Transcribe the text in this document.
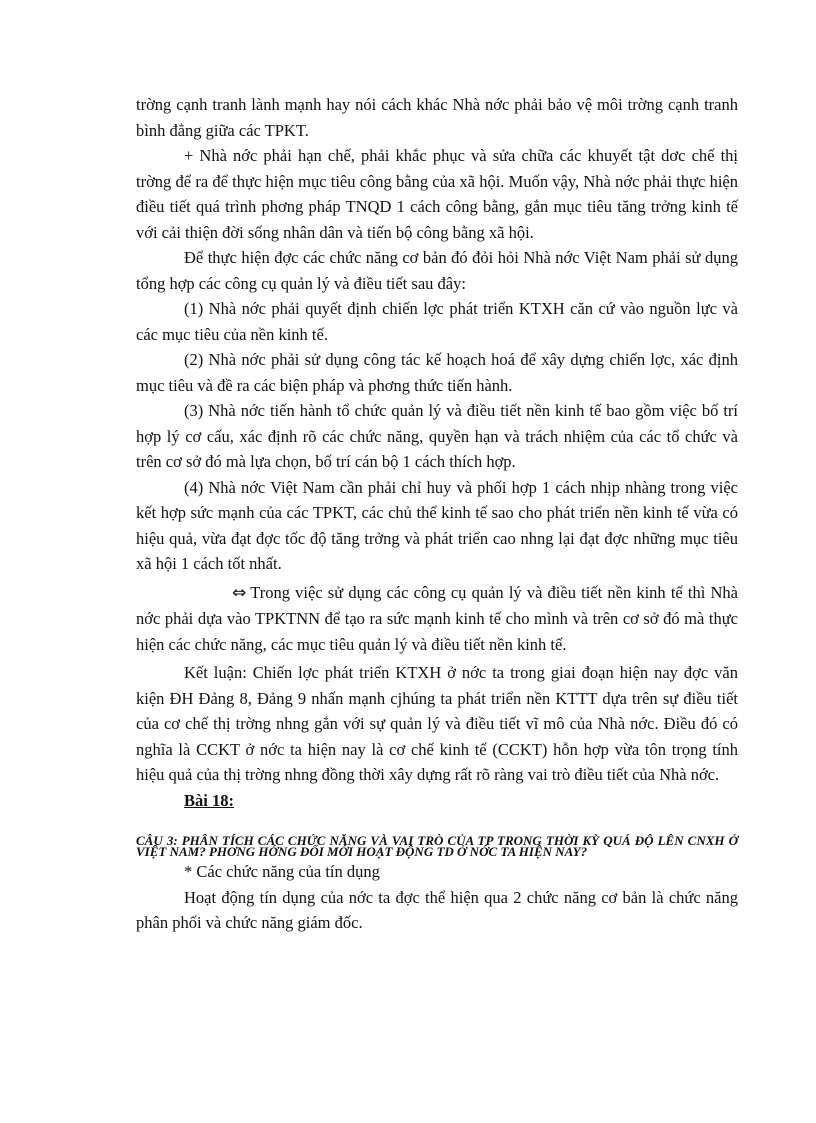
trờng cạnh tranh lành mạnh hay nói cách khác Nhà nớc phải bảo vệ môi trờng cạnh tranh bình đẳng giữa các TPKT.

+ Nhà nớc phải hạn chế, phải khắc phục và sửa chữa các khuyết tật dơc chế thị trờng để ra để thực hiện mục tiêu công bằng của xã hội. Muốn vậy, Nhà nớc phải thực hiện điều tiết quá trình phơng pháp TNQD 1 cách công bằng, gắn mục tiêu tăng trởng kinh tế với cải thiện đời sống nhân dân và tiến bộ công bằng xã hội.

Để thực hiện đợc các chức năng cơ bản đó đỏi hỏi Nhà nớc Việt Nam phải sử dụng tổng hợp các công cụ quản lý và điều tiết sau đây:

(1) Nhà nớc phải quyết định chiến lợc phát triển KTXH căn cứ vào nguồn lực và các mục tiêu của nền kinh tế.

(2) Nhà nớc phải sử dụng công tác kế hoạch hoá để xây dựng chiến lợc, xác định mục tiêu và đề ra các biện pháp và phơng thức tiến hành.

(3) Nhà nớc tiến hành tổ chức quản lý và điều tiết nền kinh tế bao gồm việc bố trí hợp lý cơ cấu, xác định rõ các chức năng, quyền hạn và trách nhiệm của các tổ chức và trên cơ sở đó mà lựa chọn, bố trí cán bộ 1 cách thích hợp.

(4) Nhà nớc Việt Nam cần phải chỉ huy và phối hợp 1 cách nhịp nhàng trong việc kết hợp sức mạnh của các TPKT, các chủ thể kinh tế sao cho phát triển nền kinh tế vừa có hiệu quả, vừa đạt đợc tốc độ tăng trởng và phát triển cao nhng lại đạt đợc những mục tiêu xã hội 1 cách tốt nhất.

⇔ Trong việc sử dụng các công cụ quản lý và điều tiết nền kinh tế thì Nhà nớc phải dựa vào TPKTNN để tạo ra sức mạnh kinh tế cho mình và trên cơ sở đó mà thực hiện các chức năng, các mục tiêu quản lý và điều tiết nền kinh tế.

Kết luận: Chiến lợc phát triển KTXH ở nớc ta trong giai đoạn hiện nay đợc văn kiện ĐH Đảng 8, Đảng 9 nhấn mạnh cjhúng ta phát triển nền KTTT dựa trên sự điều tiết của cơ chế thị trờng nhng gắn với sự quản lý và điều tiết vĩ mô của Nhà nớc. Điều đó có nghĩa là CCKT ở nớc ta hiện nay là cơ chế kinh tế (CCKT) hỗn hợp vừa tôn trọng tính hiệu quả của thị trờng nhng đồng thời xây dựng rất rõ ràng vai trò điều tiết của Nhà nớc.

Bài 18:

CÂU 3: PHÂN TÍCH CÁC CHỨC NĂNG VÀ VAI TRÒ CỦA TP TRONG THỜI KỲ QUÁ ĐỘ LÊN CNXH Ở VIỆT NAM? PHƠNG HỚNG ĐỔI MỚI HOẠT ĐỘNG TD Ở NỚC TA HIỆN NAY?

* Các chức năng của tín dụng

Hoạt động tín dụng của nớc ta đợc thể hiện qua 2 chức năng cơ bản là chức năng phân phối và chức năng giám đốc.
